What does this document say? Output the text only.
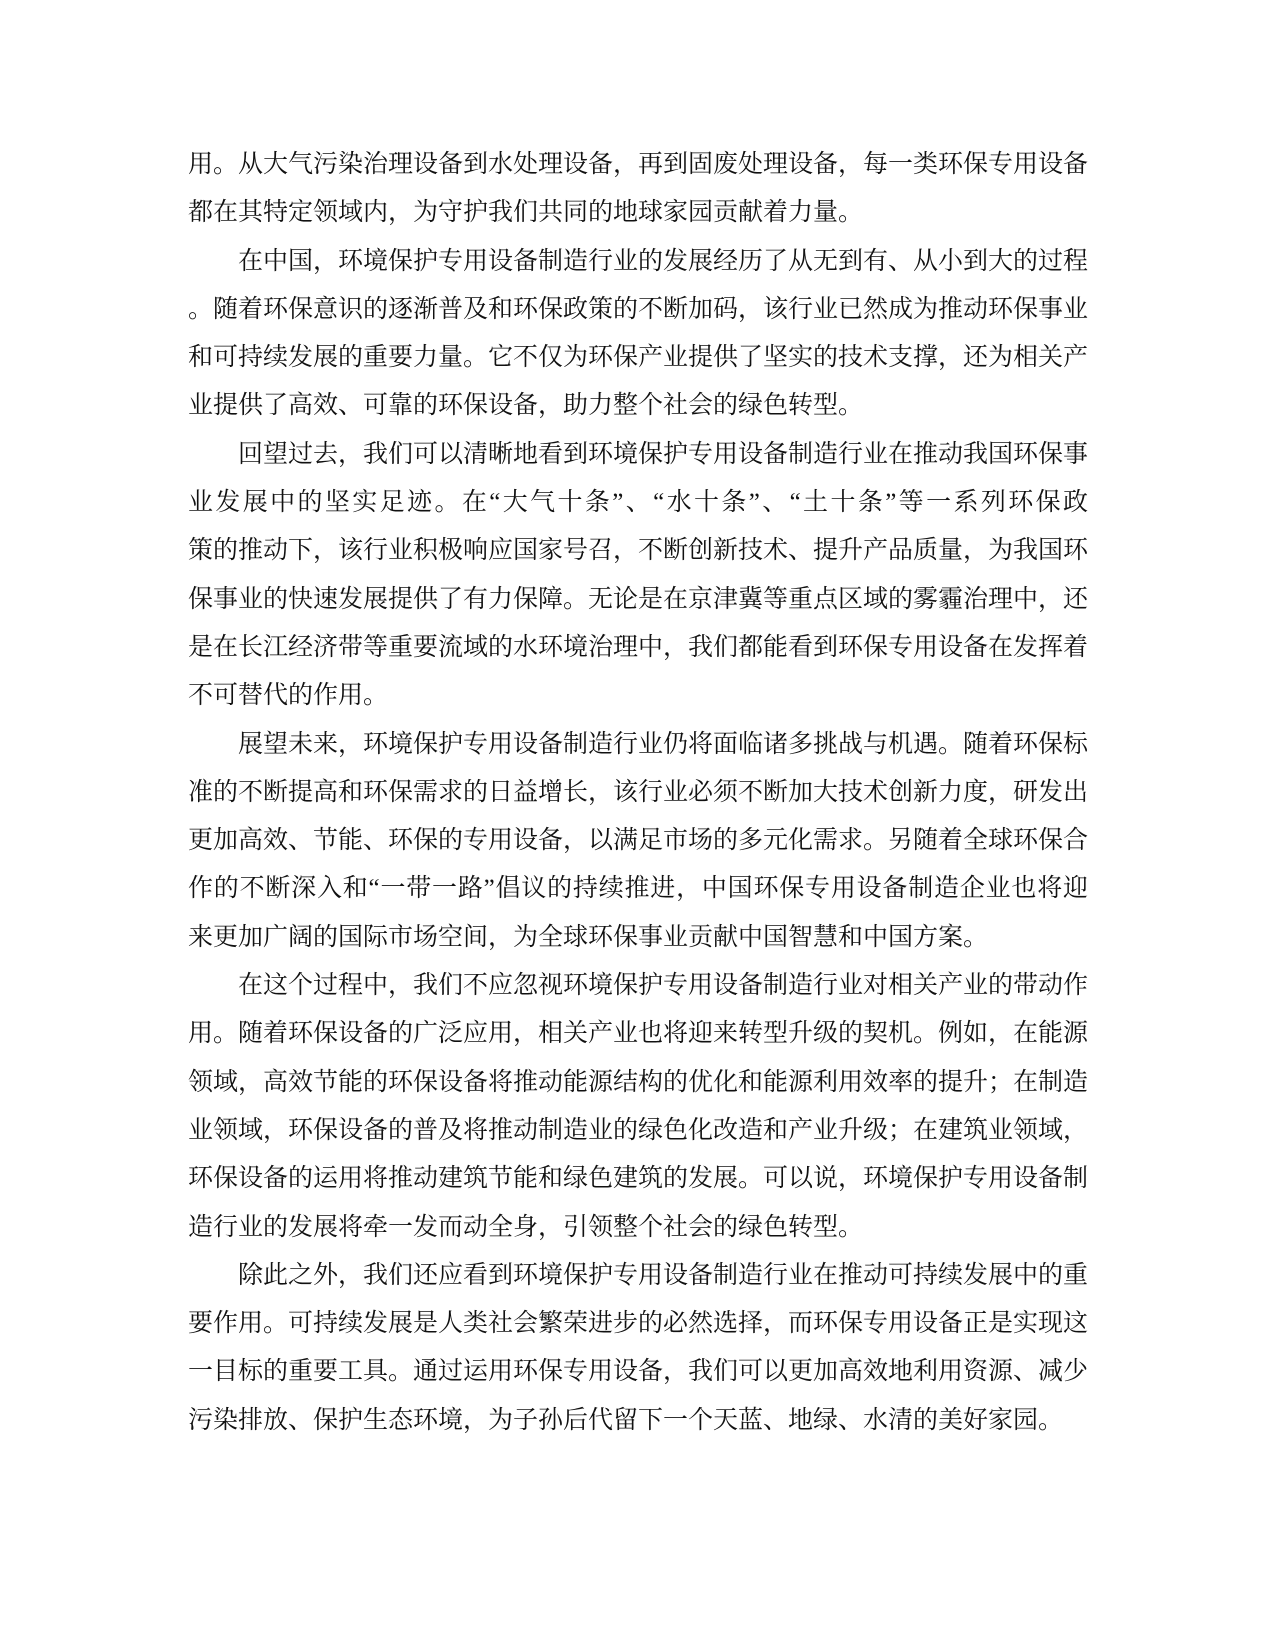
用。从大气污染治理设备到水处理设备，再到固废处理设备，每一类环保专用设备
都在其特定领域内，为守护我们共同的地球家园贡献着力量。
在中国，环境保护专用设备制造行业的发展经历了从无到有、从小到大的过程
。随着环保意识的逐渐普及和环保政策的不断加码，该行业已然成为推动环保事业
和可持续发展的重要力量。它不仅为环保产业提供了坚实的技术支撑，还为相关产
业提供了高效、可靠的环保设备，助力整个社会的绿色转型。
回望过去，我们可以清晰地看到环境保护专用设备制造行业在推动我国环保事
业发展中的坚实足迹。在“大气十条”、“水十条”、“土十条”等一系列环保政
策的推动下，该行业积极响应国家号召，不断创新技术、提升产品质量，为我国环
保事业的快速发展提供了有力保障。无论是在京津冀等重点区域的雾霾治理中，还
是在长江经济带等重要流域的水环境治理中，我们都能看到环保专用设备在发挥着
不可替代的作用。
展望未来，环境保护专用设备制造行业仍将面临诸多挑战与机遇。随着环保标
准的不断提高和环保需求的日益增长，该行业必须不断加大技术创新力度，研发出
更加高效、节能、环保的专用设备，以满足市场的多元化需求。另随着全球环保合
作的不断深入和“一带一路”倡议的持续推进，中国环保专用设备制造企业也将迎
来更加广阔的国际市场空间，为全球环保事业贡献中国智慧和中国方案。
在这个过程中，我们不应忽视环境保护专用设备制造行业对相关产业的带动作
用。随着环保设备的广泛应用，相关产业也将迎来转型升级的契机。例如，在能源
领域，高效节能的环保设备将推动能源结构的优化和能源利用效率的提升；在制造
业领域，环保设备的普及将推动制造业的绿色化改造和产业升级；在建筑业领域，
环保设备的运用将推动建筑节能和绿色建筑的发展。可以说，环境保护专用设备制
造行业的发展将牵一发而动全身，引领整个社会的绿色转型。
除此之外，我们还应看到环境保护专用设备制造行业在推动可持续发展中的重
要作用。可持续发展是人类社会繁荣进步的必然选择，而环保专用设备正是实现这
一目标的重要工具。通过运用环保专用设备，我们可以更加高效地利用资源、减少
污染排放、保护生态环境，为子孙后代留下一个天蓝、地绿、水清的美好家园。
